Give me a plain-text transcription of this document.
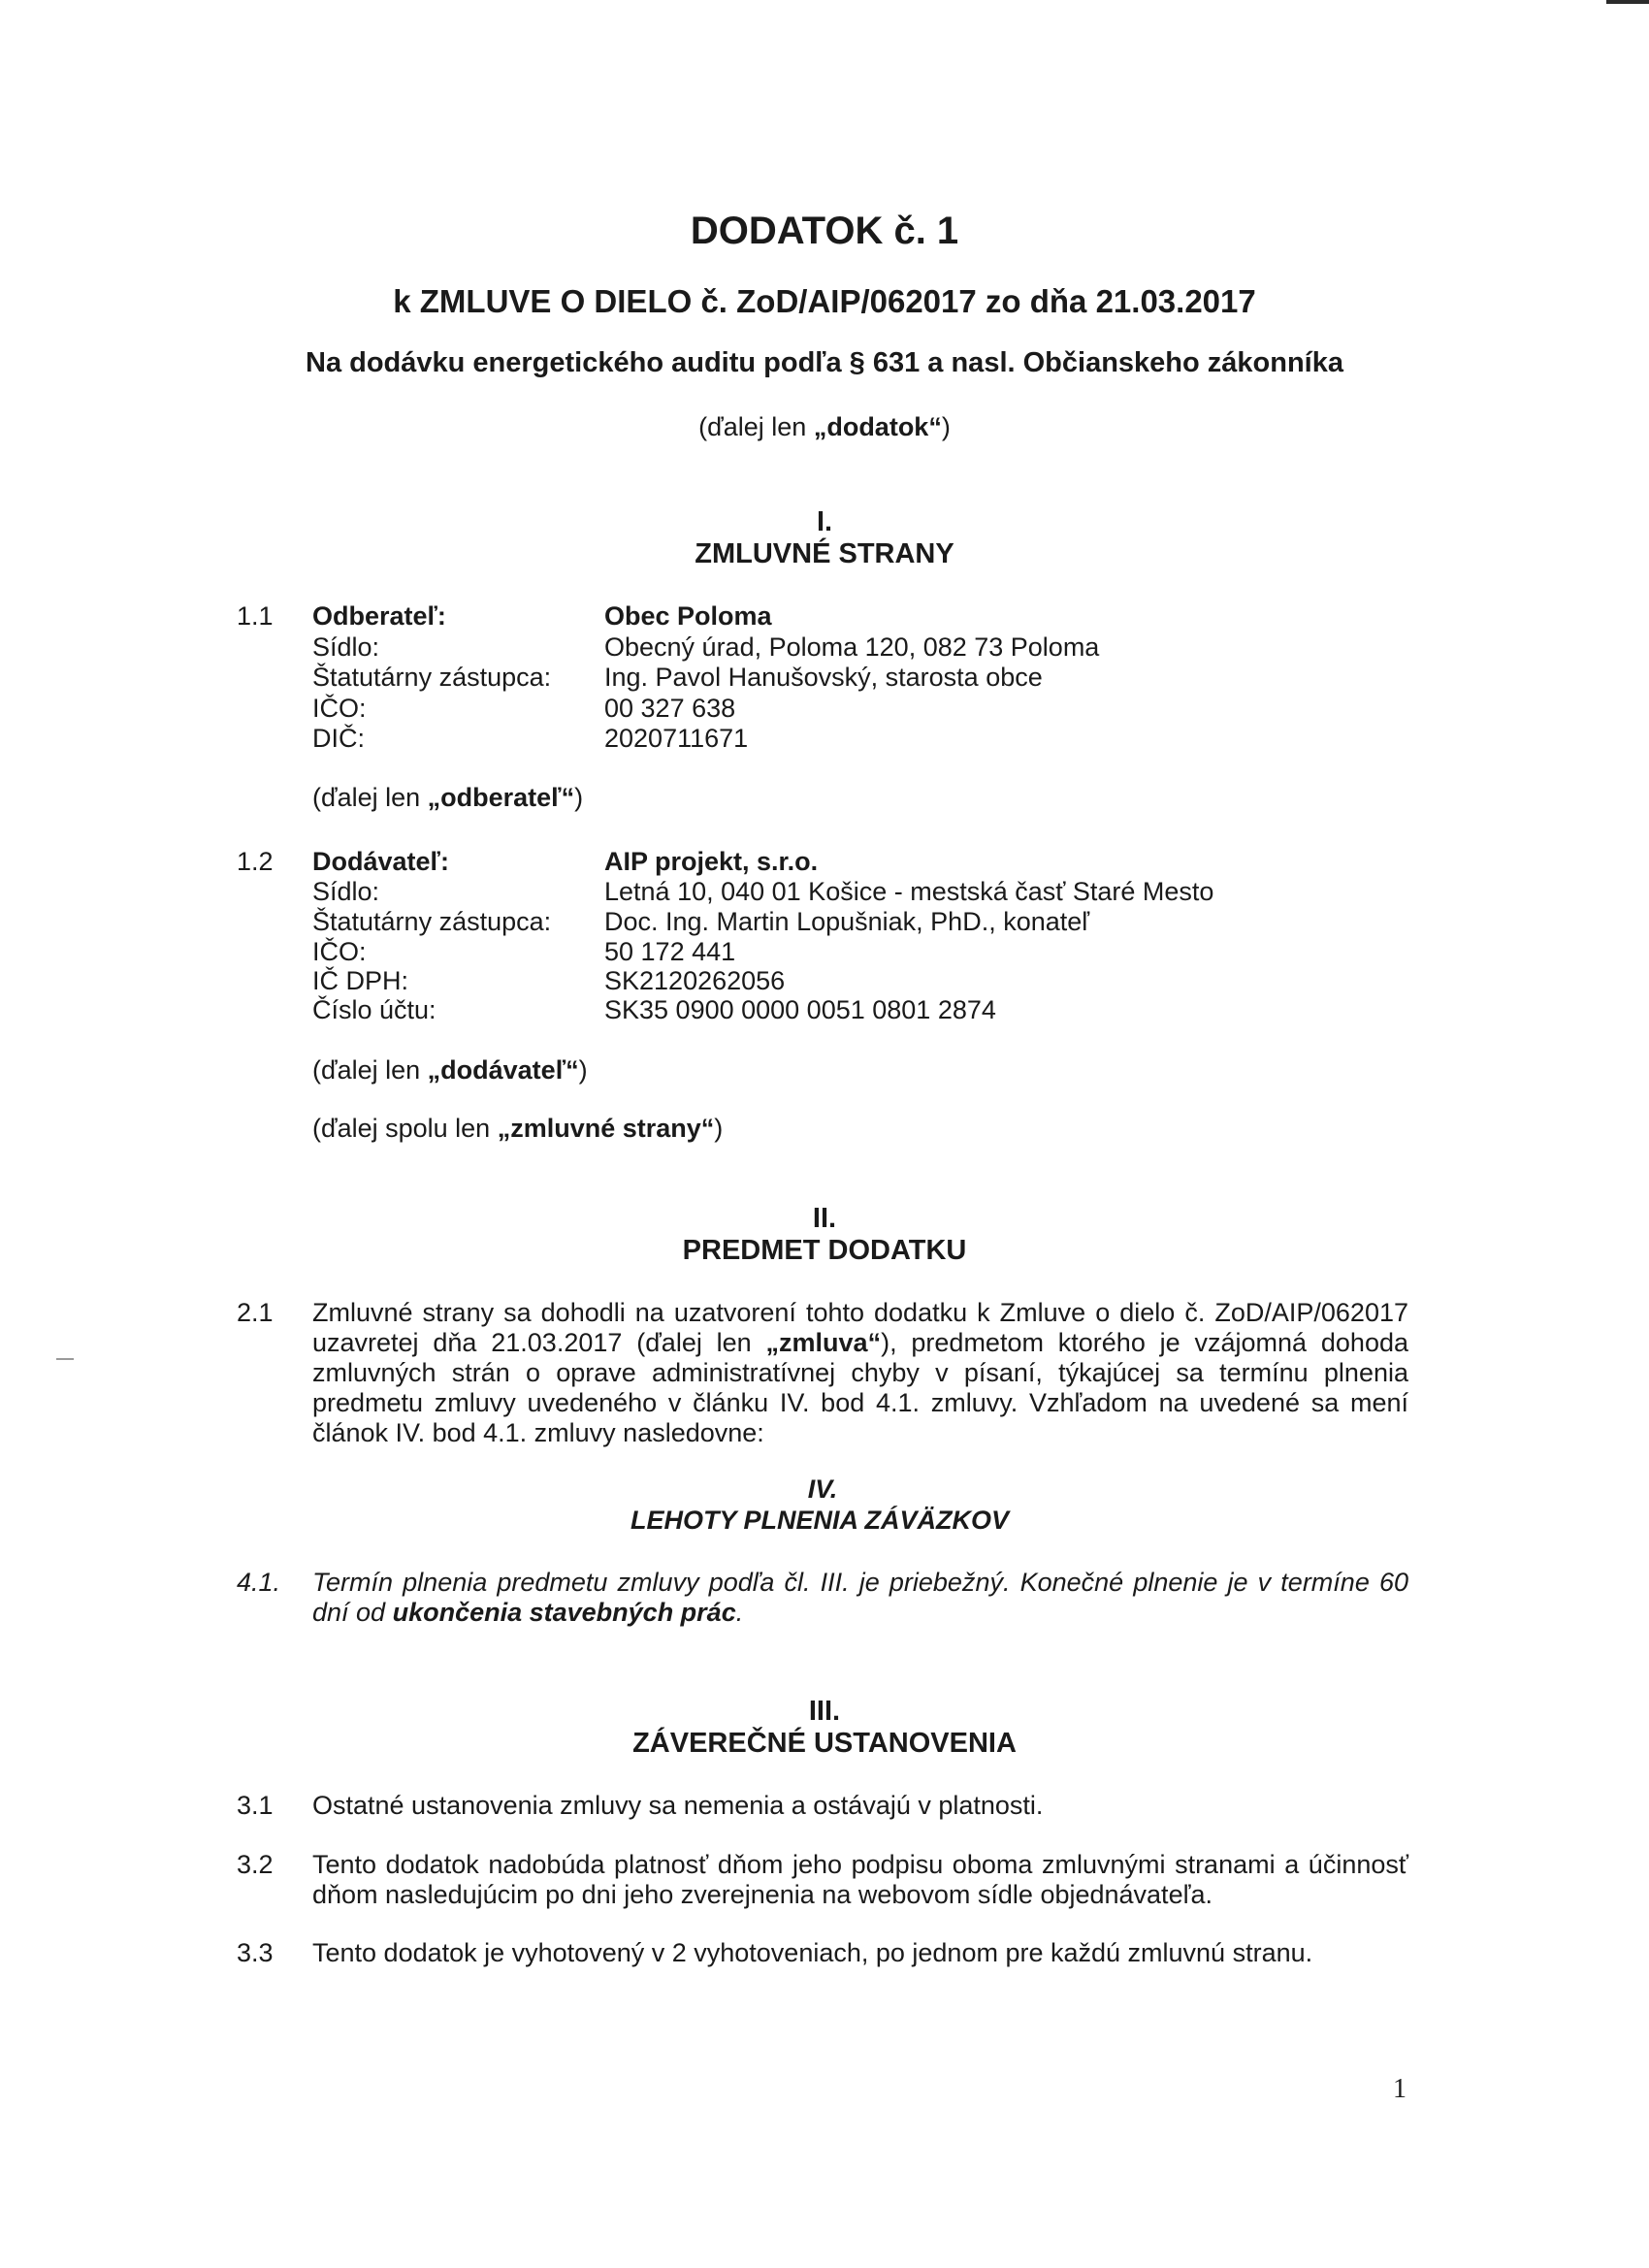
DODATOK č. 1
k ZMLUVE O DIELO č. ZoD/AIP/062017 zo dňa 21.03.2017
Na dodávku energetického auditu podľa § 631 a nasl. Občianskeho zákonníka
(ďalej len „dodatok“)
I.
ZMLUVNÉ STRANY
1.1 Odberateľ:	Obec Poloma
Sídlo:	Obecný úrad, Poloma 120, 082 73 Poloma
Štatutárny zástupca: Ing. Pavol Hanušovský, starosta obce
IČO:	00 327 638
DIČ:	2020711671
(ďalej len „odberateľ“)
1.2 Dodávateľ:	AIP projekt, s.r.o.
Sídlo:	Letná 10, 040 01 Košice - mestská časť Staré Mesto
Štatutárny zástupca: Doc. Ing. Martin Lopušniak, PhD., konateľ
IČO:	50 172 441
IČ DPH:	SK2120262056
Číslo účtu:	SK35 0900 0000 0051 0801 2874
(ďalej len „dodávateľ“)
(ďalej spolu len „zmluvné strany“)
II.
PREDMET DODATKU
2.1 Zmluvné strany sa dohodli na uzatvorení tohto dodatku k Zmluve o dielo č. ZoD/AIP/062017 uzavretej dňa 21.03.2017 (ďalej len „zmluva“), predmetom ktorého je vzájomná dohoda zmluvných strán o oprave administratívnej chyby v písaní, týkajúcej sa termínu plnenia predmetu zmluvy uvedeného v článku IV. bod 4.1. zmluvy. Vzhľadom na uvedené sa mení článok IV. bod 4.1. zmluvy nasledovne:
IV.
LEHOTY PLNENIA ZÁVÄZKOV
4.1. Termín plnenia predmetu zmluvy podľa čl. III. je priebežný. Konečné plnenie je v termíne 60 dní od ukončenia stavebných prác.
III.
ZÁVEREČNÉ USTANOVENIA
3.1 Ostatné ustanovenia zmluvy sa nemenia a ostávajú v platnosti.
3.2 Tento dodatok nadobúda platnosť dňom jeho podpisu oboma zmluvnými stranami a účinnosť dňom nasledujúcim po dni jeho zverejnenia na webovom sídle objednávateľa.
3.3 Tento dodatok je vyhotovený v 2 vyhotoveniach, po jednom pre každú zmluvnú stranu.
1
